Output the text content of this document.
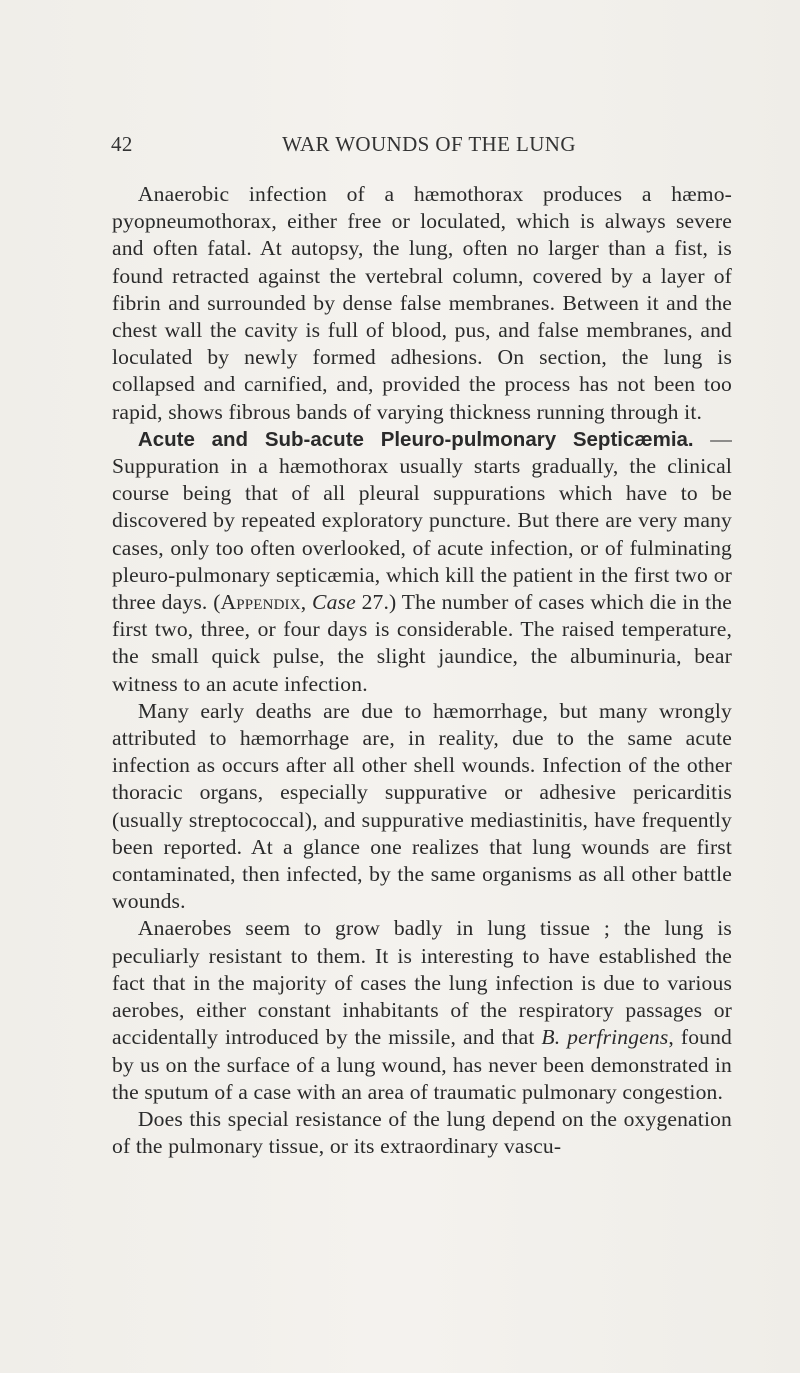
42	WAR WOUNDS OF THE LUNG

Anaerobic infection of a hæmothorax produces a hæmo-pyopneumothorax, either free or loculated, which is always severe and often fatal. At autopsy, the lung, often no larger than a fist, is found retracted against the vertebral column, covered by a layer of fibrin and surrounded by dense false membranes. Between it and the chest wall the cavity is full of blood, pus, and false membranes, and loculated by newly formed adhesions. On section, the lung is collapsed and carnified, and, provided the process has not been too rapid, shows fibrous bands of varying thickness running through it.

Acute and Sub-acute Pleuro-pulmonary Septicæmia. — Suppuration in a hæmothorax usually starts gradually, the clinical course being that of all pleural suppurations which have to be discovered by repeated exploratory puncture. But there are very many cases, only too often overlooked, of acute infection, or of fulminating pleuro-pulmonary septicæmia, which kill the patient in the first two or three days. (Appendix, Case 27.) The number of cases which die in the first two, three, or four days is considerable. The raised temperature, the small quick pulse, the slight jaundice, the albuminuria, bear witness to an acute infection.

Many early deaths are due to hæmorrhage, but many wrongly attributed to hæmorrhage are, in reality, due to the same acute infection as occurs after all other shell wounds. Infection of the other thoracic organs, especially suppurative or adhesive pericarditis (usually streptococcal), and suppurative mediastinitis, have frequently been reported. At a glance one realizes that lung wounds are first contaminated, then infected, by the same organisms as all other battle wounds.

Anaerobes seem to grow badly in lung tissue ; the lung is peculiarly resistant to them. It is interesting to have established the fact that in the majority of cases the lung infection is due to various aerobes, either constant inhabitants of the respiratory passages or accidentally introduced by the missile, and that B. perfringens, found by us on the surface of a lung wound, has never been demonstrated in the sputum of a case with an area of traumatic pulmonary congestion.

Does this special resistance of the lung depend on the oxygenation of the pulmonary tissue, or its extraordinary vascu-
